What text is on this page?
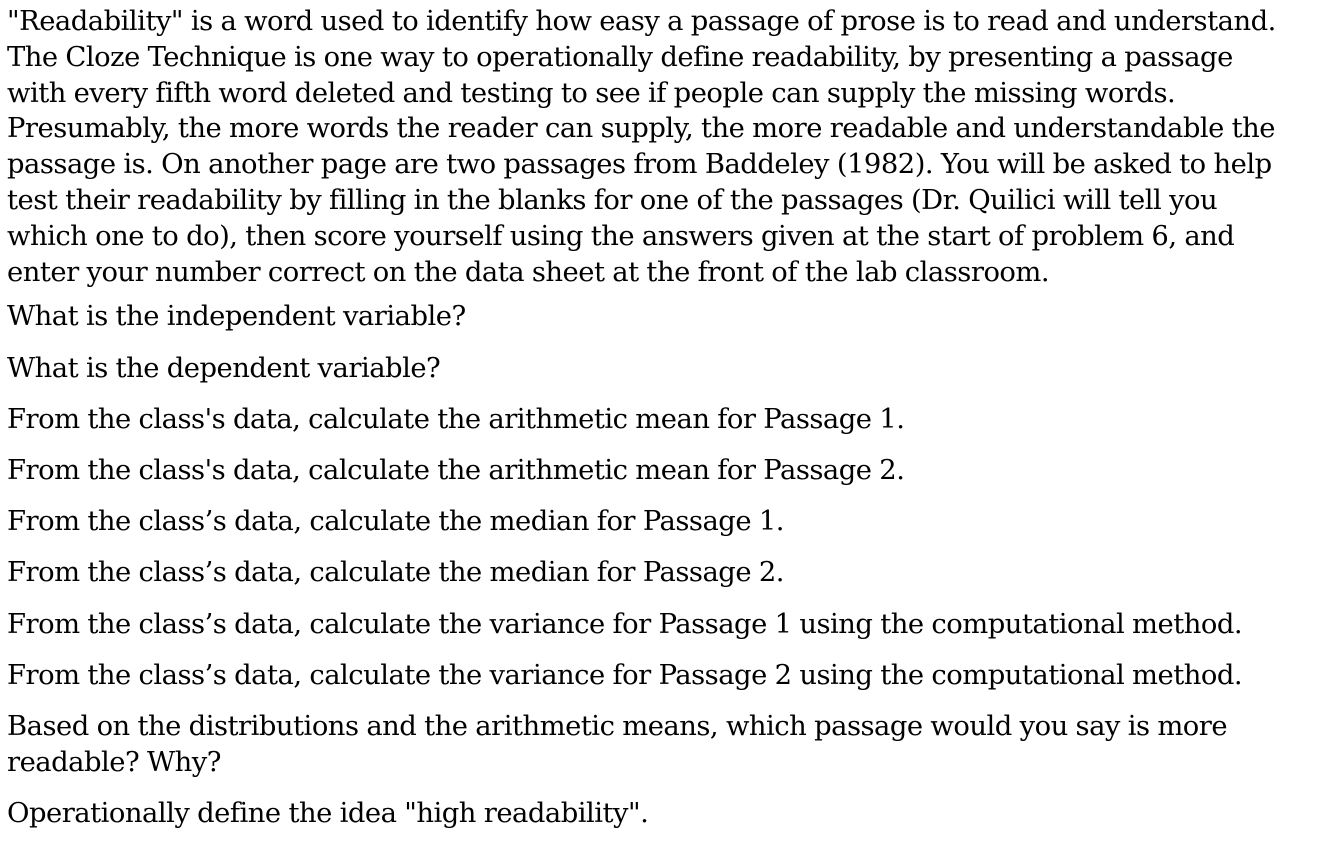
"Readability" is a word used to identify how easy a passage of prose is to read and understand.
The Cloze Technique is one way to operationally define readability, by presenting a passage
with every fifth word deleted and testing to see if people can supply the missing words.
Presumably, the more words the reader can supply, the more readable and understandable the
passage is. On another page are two passages from Baddeley (1982). You will be asked to help
test their readability by filling in the blanks for one of the passages (Dr. Quilici will tell you
which one to do), then score yourself using the answers given at the start of problem 6, and
enter your number correct on the data sheet at the front of the lab classroom.

What is the independent variable?
What is the dependent variable?
From the class's data, calculate the arithmetic mean for Passage 1.
From the class's data, calculate the arithmetic mean for Passage 2.
From the class’s data, calculate the median for Passage 1.
From the class’s data, calculate the median for Passage 2.
From the class’s data, calculate the variance for Passage 1 using the computational method.
From the class’s data, calculate the variance for Passage 2 using the computational method.
Based on the distributions and the arithmetic means, which passage would you say is more
readable? Why?
Operationally define the idea "high readability".
